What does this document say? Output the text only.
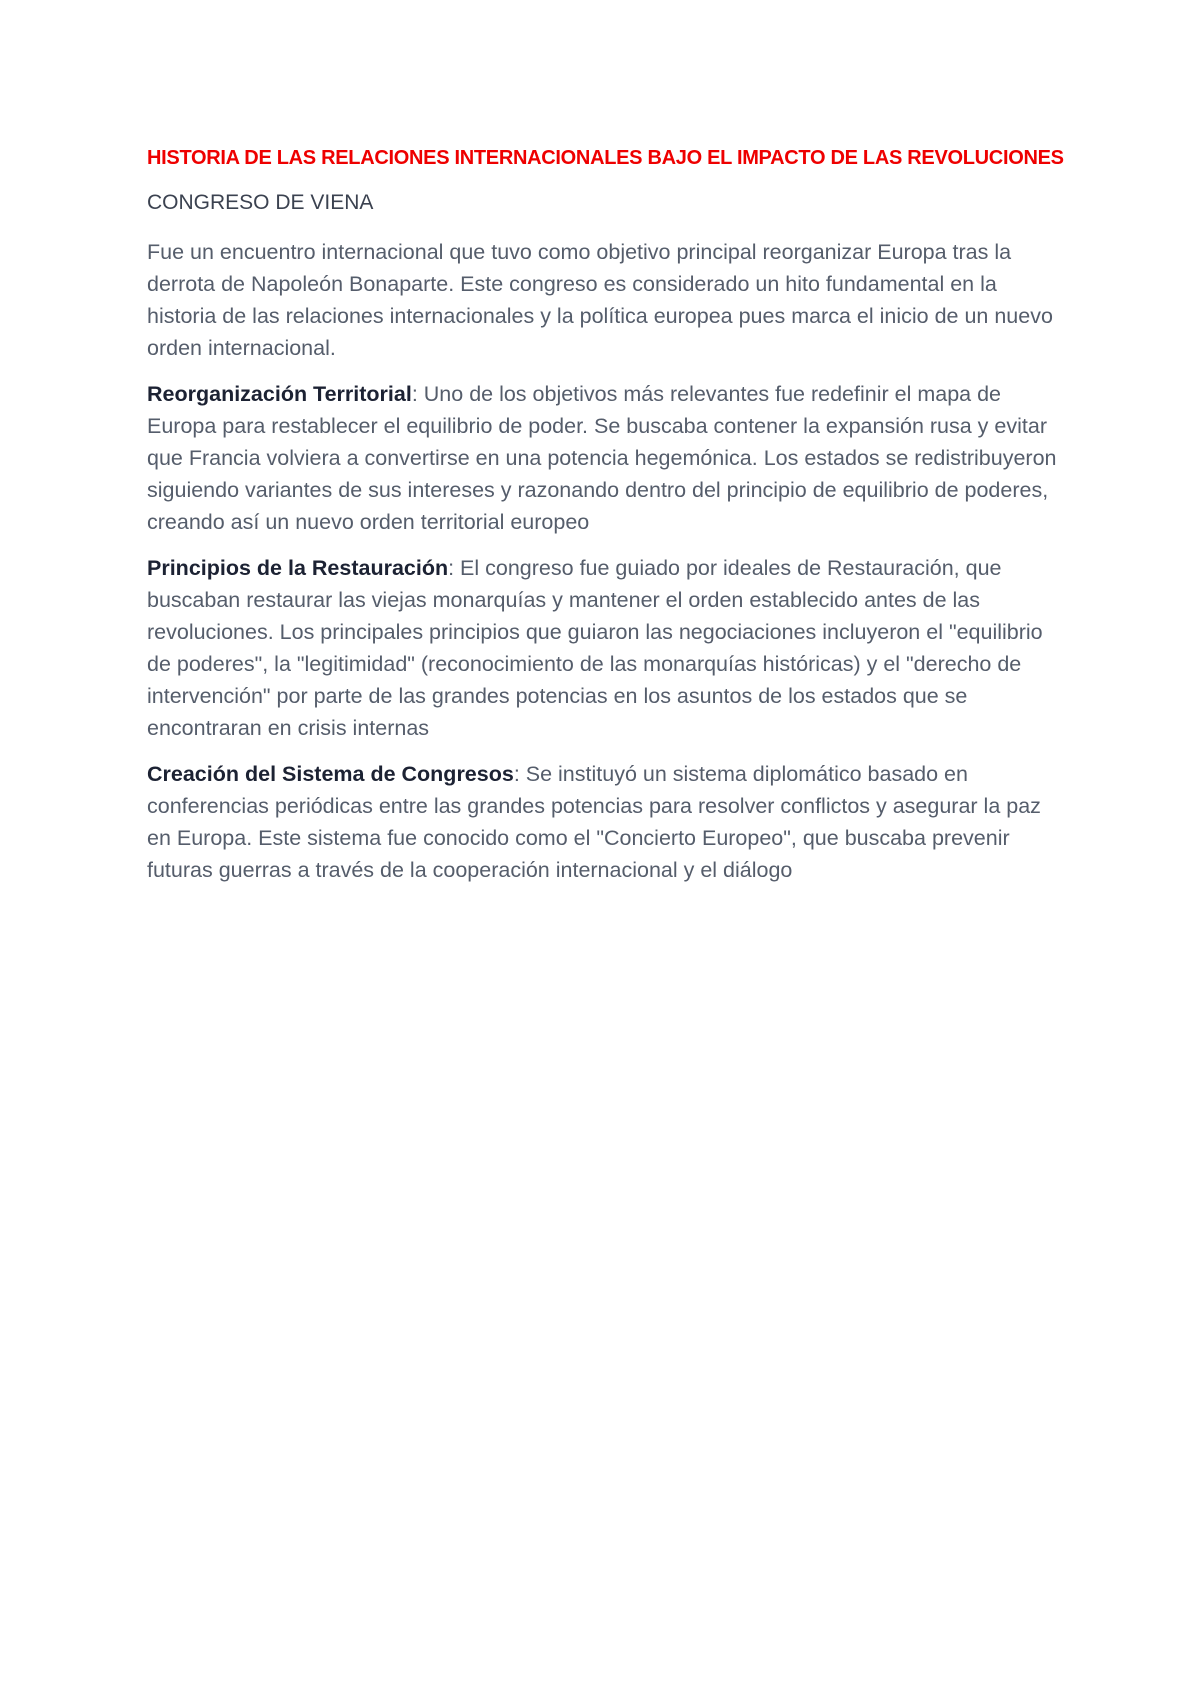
HISTORIA DE LAS RELACIONES INTERNACIONALES BAJO EL IMPACTO DE LAS REVOLUCIONES
CONGRESO DE VIENA

Fue un encuentro internacional que tuvo como objetivo principal reorganizar Europa tras la derrota de Napoleón Bonaparte. Este congreso es considerado un hito fundamental en la historia de las relaciones internacionales y la política europea pues marca el inicio de un nuevo orden internacional.

Reorganización Territorial: Uno de los objetivos más relevantes fue redefinir el mapa de Europa para restablecer el equilibrio de poder. Se buscaba contener la expansión rusa y evitar que Francia volviera a convertirse en una potencia hegemónica. Los estados se redistribuyeron siguiendo variantes de sus intereses y razonando dentro del principio de equilibrio de poderes, creando así un nuevo orden territorial europeo

Principios de la Restauración: El congreso fue guiado por ideales de Restauración, que buscaban restaurar las viejas monarquías y mantener el orden establecido antes de las revoluciones. Los principales principios que guiaron las negociaciones incluyeron el "equilibrio de poderes", la "legitimidad" (reconocimiento de las monarquías históricas) y el "derecho de intervención" por parte de las grandes potencias en los asuntos de los estados que se encontraran en crisis internas

Creación del Sistema de Congresos: Se instituyó un sistema diplomático basado en conferencias periódicas entre las grandes potencias para resolver conflictos y asegurar la paz en Europa. Este sistema fue conocido como el "Concierto Europeo", que buscaba prevenir futuras guerras a través de la cooperación internacional y el diálogo
